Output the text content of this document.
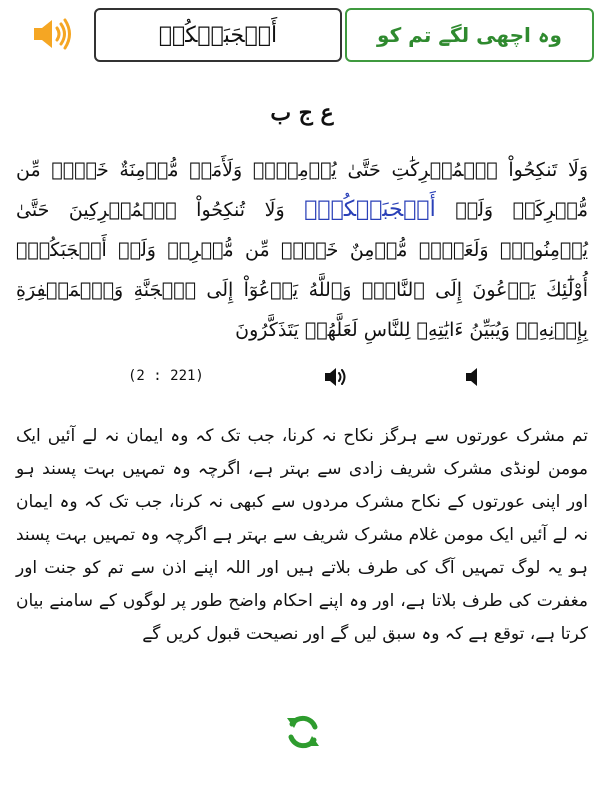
أَعۡجَبَتۡكُمۡ	وہ اچھی لگے تم کو
ع ج ب
وَلَا تَنكِحُواْ ٱلۡمُشۡرِكَٰتِ حَتَّىٰ يُؤۡمِنَّۚ وَلَأَمَةٞ مُّؤۡمِنَةٌ خَيۡرٞ مِّن مُّشۡرِكَةٖ وَلَوۡ أَعۡجَبَتۡكُمۡۗ وَلَا تُنكِحُواْ ٱلۡمُشۡرِكِينَ حَتَّىٰ يُؤۡمِنُواْۚ وَلَعَبۡدٞ مُّؤۡمِنٌ خَيۡرٞ مِّن مُّشۡرِكٖ وَلَوۡ أَعۡجَبَكُمۡۗ أُوْلَٰٓئِكَ يَدۡعُونَ إِلَى ٱلنَّارِۖ وَٱللَّهُ يَدۡعُوٓاْ إِلَى ٱلۡجَنَّةِ وَٱلۡمَغۡفِرَةِ بِإِذۡنِهِۦۖ وَيُبَيِّنُ ءَايَٰتِهِۦ لِلنَّاسِ لَعَلَّهُمۡ يَتَذَكَّرُونَ
(2 : 221)
تم مشرک عورتوں سے ہرگز نکاح نہ کرنا، جب تک کہ وہ ایمان نہ لے آئیں ایک مومن لونڈی مشرک شریف زادی سے بہتر ہے، اگرچہ وہ تمہیں بہت پسند ہو اور اپنی عورتوں کے نکاح مشرک مردوں سے کبھی نہ کرنا، جب تک کہ وہ ایمان نہ لے آئیں ایک مومن غلام مشرک شریف سے بہتر ہے اگرچہ وہ تمہیں بہت پسند ہو یہ لوگ تمہیں آگ کی طرف بلاتے ہیں اور اللہ اپنے اذن سے تم کو جنت اور مغفرت کی طرف بلاتا ہے، اور وہ اپنے احکام واضح طور پر لوگوں کے سامنے بیان کرتا ہے، توقع ہے کہ وہ سبق لیں گے اور نصیحت قبول کریں گے
